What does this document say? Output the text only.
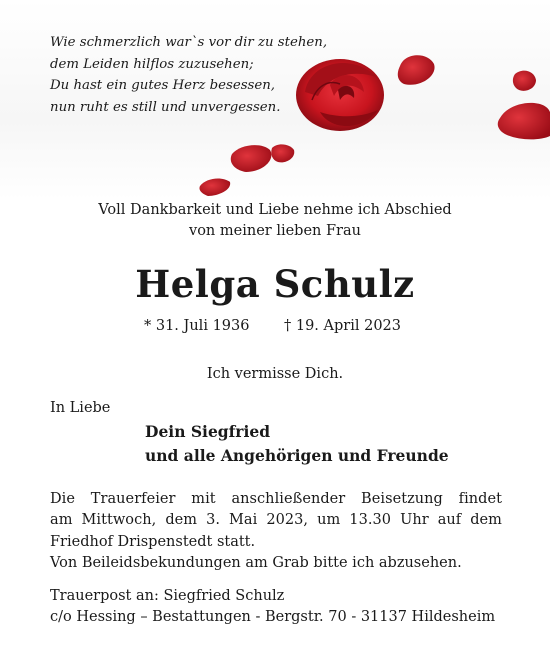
Wie schmerzlich war`s vor dir zu stehen,
dem Leiden hilflos zuzusehen;
Du hast ein gutes Herz besessen,
nun ruht es still und unvergessen.
Voll Dankbarkeit und Liebe nehme ich Abschied
von meiner lieben Frau
Helga Schulz
* 31. Juli 1936 † 19. April 2023
Ich vermisse Dich.
In Liebe
Dein Siegfried
und alle Angehörigen und Freunde
Die Trauerfeier mit anschließender Beisetzung findet
am Mittwoch, dem 3. Mai 2023, um 13.30 Uhr auf dem
Friedhof Drispenstedt statt.
Von Beileidsbekundungen am Grab bitte ich abzusehen.
Trauerpost an: Siegfried Schulz
c/o Hessing – Bestattungen - Bergstr. 70 - 31137 Hildesheim
